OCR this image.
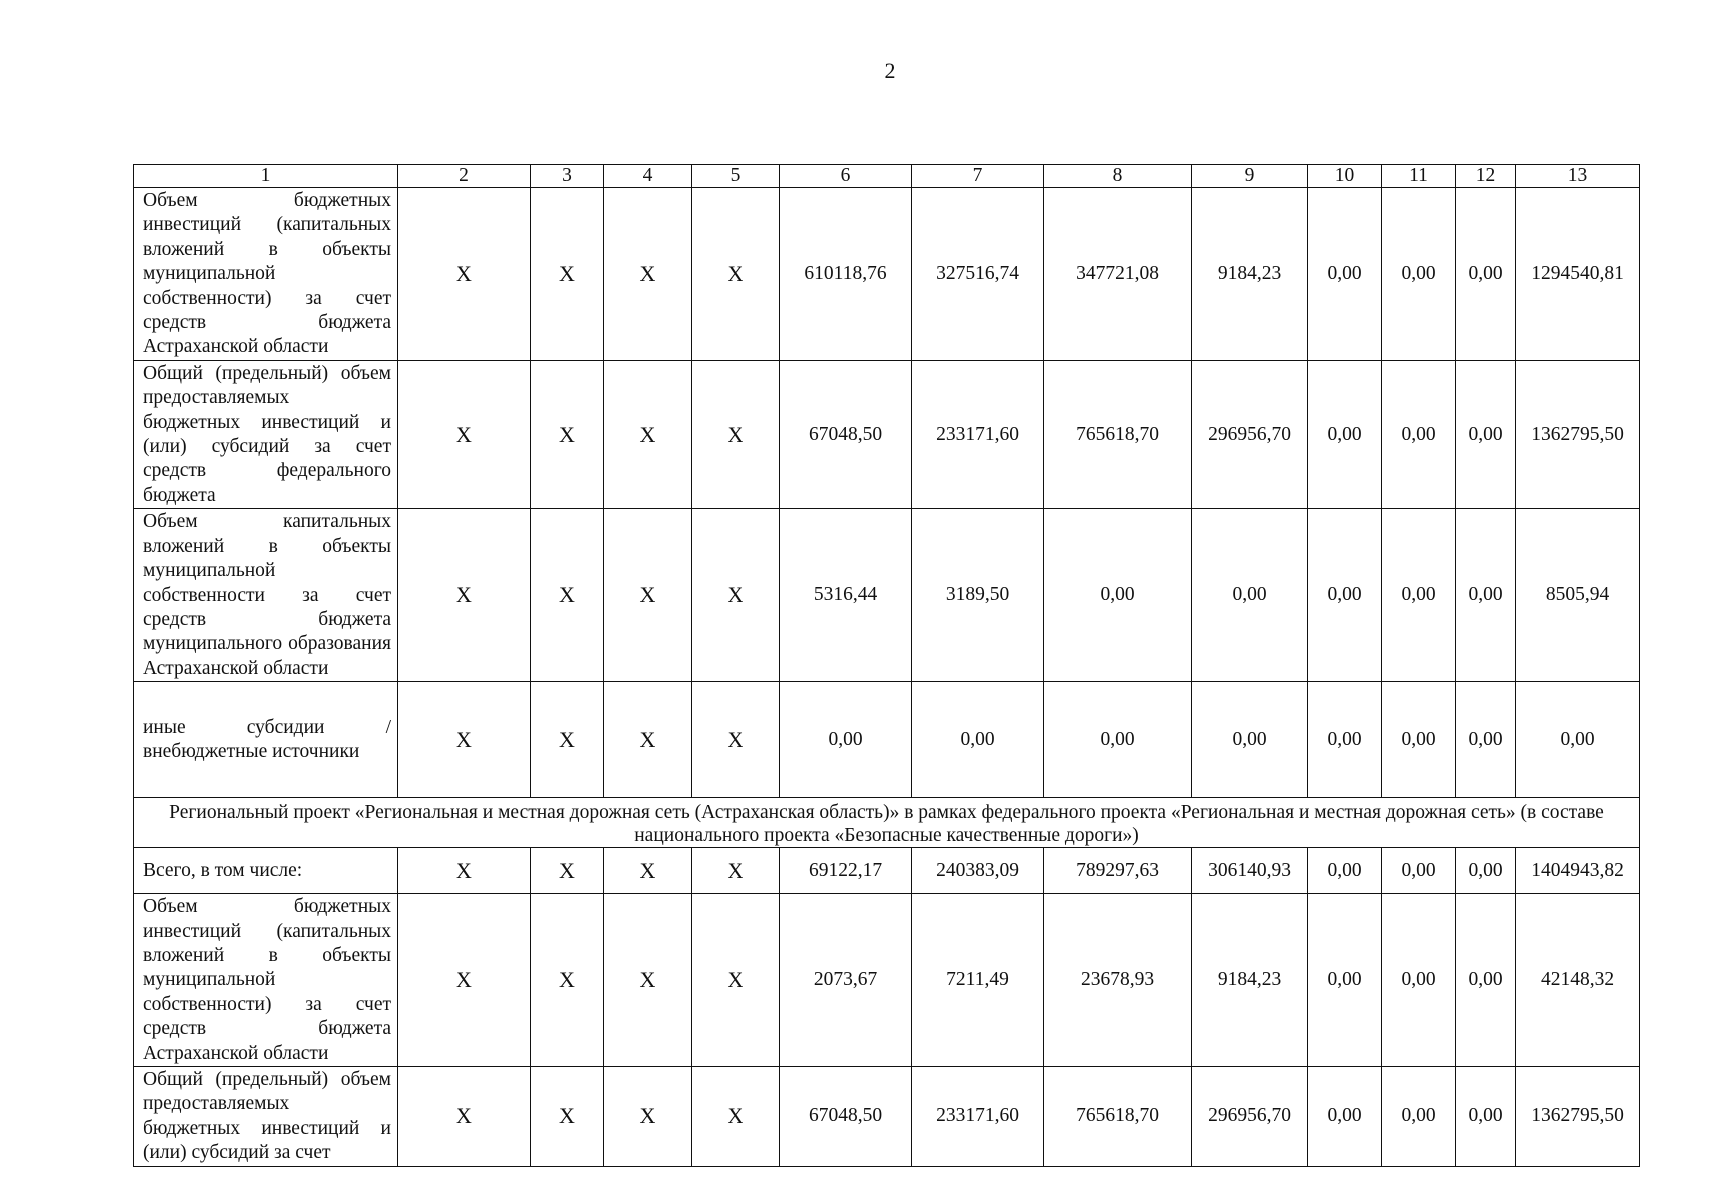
2
1	2	3	4	5	6	7	8	9	10	11	12	13
Объем бюджетных инвестиций (капитальных вложений в объекты муниципальной собственности) за счет средств бюджета Астраханской области	Х	Х	Х	Х	610118,76	327516,74	347721,08	9184,23	0,00	0,00	0,00	1294540,81
Общий (предельный) объем предоставляемых бюджетных инвестиций и (или) субсидий за счет средств федерального бюджета	Х	Х	Х	Х	67048,50	233171,60	765618,70	296956,70	0,00	0,00	0,00	1362795,50
Объем капитальных вложений в объекты муниципальной собственности за счет средств бюджета муниципального образования Астраханской области	Х	Х	Х	Х	5316,44	3189,50	0,00	0,00	0,00	0,00	0,00	8505,94
иные субсидии / внебюджетные источники	Х	Х	Х	Х	0,00	0,00	0,00	0,00	0,00	0,00	0,00	0,00
Региональный проект «Региональная и местная дорожная сеть (Астраханская область)» в рамках федерального проекта «Региональная и местная дорожная сеть» (в составе национального проекта «Безопасные качественные дороги»)												
Всего, в том числе:	Х	Х	Х	Х	69122,17	240383,09	789297,63	306140,93	0,00	0,00	0,00	1404943,82
Объем бюджетных инвестиций (капитальных вложений в объекты муниципальной собственности) за счет средств бюджета Астраханской области	Х	Х	Х	Х	2073,67	7211,49	23678,93	9184,23	0,00	0,00	0,00	42148,32
Общий (предельный) объем предоставляемых бюджетных инвестиций и (или) субсидий за счет	Х	Х	Х	Х	67048,50	233171,60	765618,70	296956,70	0,00	0,00	0,00	1362795,50
